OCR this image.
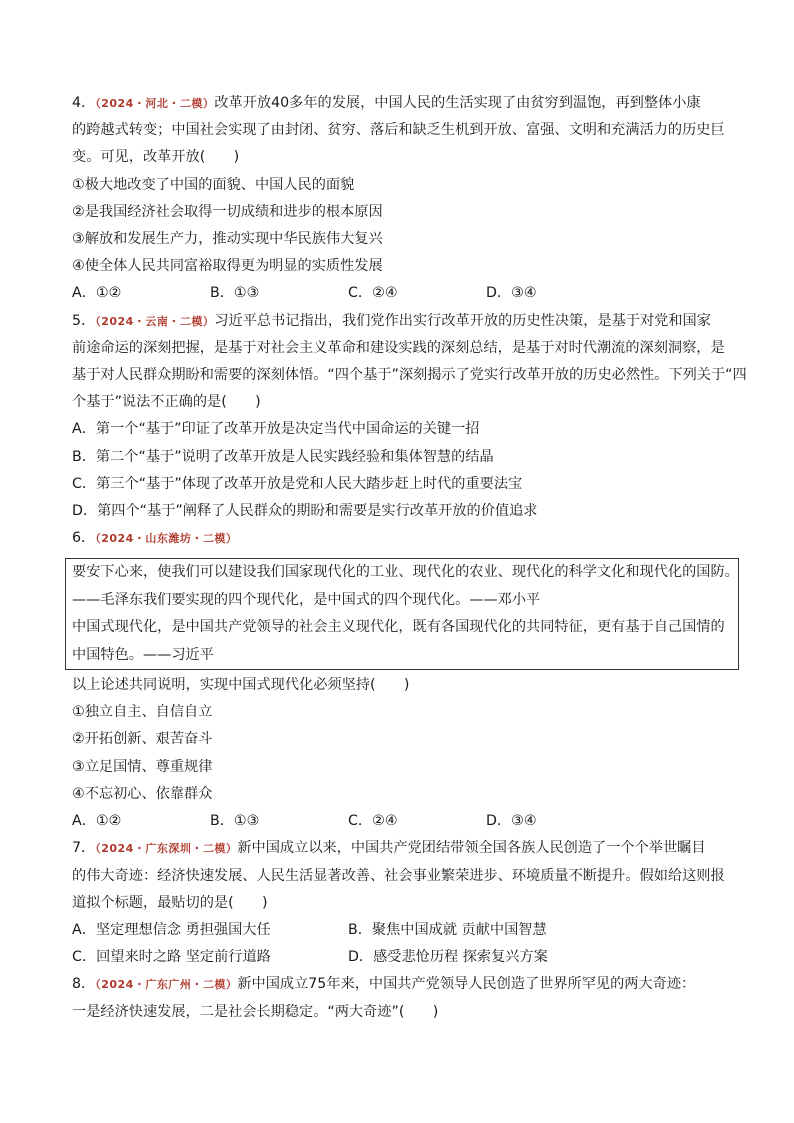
4．（2024・河北・二模）改革开放40多年的发展，中国人民的生活实现了由贫穷到温饱，再到整体小康
的跨越式转变；中国社会实现了由封闭、贫穷、落后和缺乏生机到开放、富强、文明和充满活力的历史巨
变。可见，改革开放(　　)
①极大地改变了中国的面貌、中国人民的面貌
②是我国经济社会取得一切成绩和进步的根本原因
③解放和发展生产力，推动实现中华民族伟大复兴
④使全体人民共同富裕取得更为明显的实质性发展
A．①②	B．①③	C．②④	D．③④
5．（2024・云南・二模）习近平总书记指出，我们党作出实行改革开放的历史性决策，是基于对党和国家
前途命运的深刻把握，是基于对社会主义革命和建设实践的深刻总结，是基于对时代潮流的深刻洞察，是
基于对人民群众期盼和需要的深刻体悟。“四个基于”深刻揭示了党实行改革开放的历史必然性。下列关于“四
个基于”说法不正确的是(　　)
A．第一个“基于”印证了改革开放是决定当代中国命运的关键一招
B．第二个“基于”说明了改革开放是人民实践经验和集体智慧的结晶
C．第三个“基于”体现了改革开放是党和人民大踏步赶上时代的重要法宝
D．第四个“基于”阐释了人民群众的期盼和需要是实行改革开放的价值追求
6．（2024・山东潍坊・二模）
要安下心来，使我们可以建设我们国家现代化的工业、现代化的农业、现代化的科学文化和现代化的国防。
——毛泽东我们要实现的四个现代化，是中国式的四个现代化。——邓小平
中国式现代化，是中国共产党领导的社会主义现代化，既有各国现代化的共同特征，更有基于自己国情的
中国特色。——习近平
以上论述共同说明，实现中国式现代化必须坚持(　　)
①独立自主、自信自立
②开拓创新、艰苦奋斗
③立足国情、尊重规律
④不忘初心、依靠群众
A．①②	B．①③	C．②④	D．③④
7．（2024・广东深圳・二模）新中国成立以来，中国共产党团结带领全国各族人民创造了一个个举世瞩目
的伟大奇迹：经济快速发展、人民生活显著改善、社会事业繁荣进步、环境质量不断提升。假如给这则报
道拟个标题，最贴切的是(　　)
A．坚定理想信念 勇担强国大任	B．聚焦中国成就 贡献中国智慧
C．回望来时之路 坚定前行道路	D．感受悲怆历程 探索复兴方案
8．（2024・广东广州・二模）新中国成立75年来，中国共产党领导人民创造了世界所罕见的两大奇迹：
一是经济快速发展，二是社会长期稳定。“两大奇迹”(　　)
